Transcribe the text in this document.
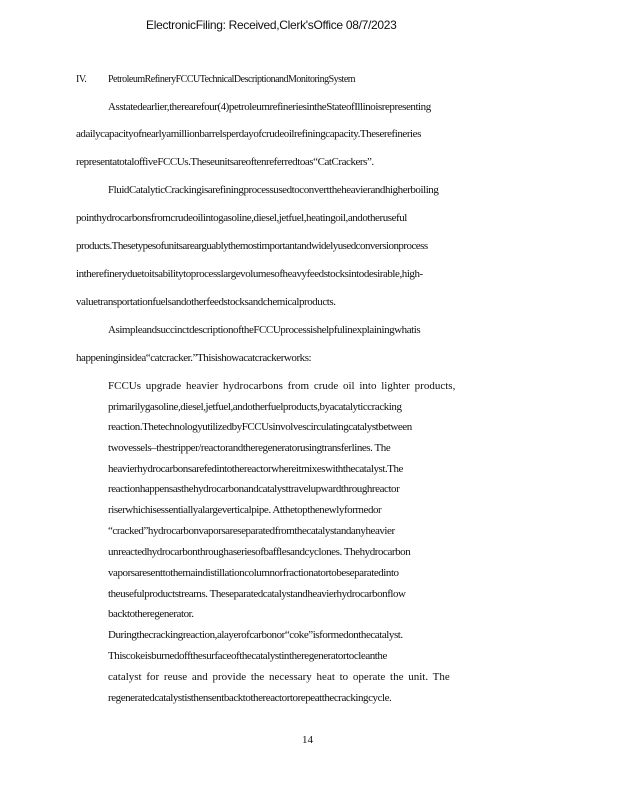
ElectronicFiling: Received,Clerk'sOffice 08/7/2023
IV. PetroleumRefineryFCCUTechnicalDescriptionandMonitoringSystem
Asstatedearlier,therearefour(4)petroleumrefineriesintheStateofIllinoisrepresenting
adailycapacityofnearlyamillionbarrelsperdayofcrudeoilrefiningcapacity.Theserefineries
representatotaloffiveFCCUs.Theseunitsareoftenreferredtoas“CatCrackers”.
FluidCatalyticCrackingisarefiningprocessusedtoconverttheheavierandhigherboiling
pointhydrocarbonsfromcrudeoilintogasoline,diesel,jetfuel,heatingoil,andotheruseful
products.Thesetypesofunitsarearguablythemostimportantandwidelyusedconversionprocess
intherefineryduetoitsabilitytoprocesslargevolumesofheavyfeedstocksintodesirable,high-
valuetransportationfuelsandotherfeedstocksandchemicalproducts.
AsimpleandsuccinctdescriptionoftheFCCUprocessishelpfulinexplainingwhatis
happeninginsidea“catcracker.”Thisishowacatcrackerworks:
FCCUs upgrade heavier hydrocarbons from crude oil into lighter products,
primarilygasoline,diesel,jetfuel,andotherfuelproducts,byacatalyticcracking
reaction.ThetechnologyutilizedbyFCCUsinvolvescirculatingcatalystbetween
twovessels–thestripper/reactorandtheregeneratorusingtransferlines. The
heavierhydrocarbonsarefedintothereactorwhereitmixeswiththecatalyst.The
reactionhappensasthehydrocarbonandcatalysttravelupwardthroughreactor
riserwhichisessentiallyalargeverticalpipe. Atthetopthenewlyformedor
“cracked”hydrocarbonvaporsareseparatedfromthecatalystandanyheavier
unreactedhydrocarbonthroughaseriesofbafflesandcyclones. Thehydrocarbon
vaporsaresenttothemaindistillationcolumnorfractionatortobeseparatedinto
theusefulproductstreams. Theseparatedcatalystandheavierhydrocarbonflow
backtotheregenerator.
Duringthecrackingreaction,alayerofcarbonor“coke”isformedonthecatalyst.
Thiscokeisburnedoffthesurfaceofthecatalystintheregeneratortocleanthe
catalyst for reuse and provide the necessary heat to operate the unit. The
regeneratedcatalystisthensentbacktothereactortorepeatthecrackingcycle.
14
